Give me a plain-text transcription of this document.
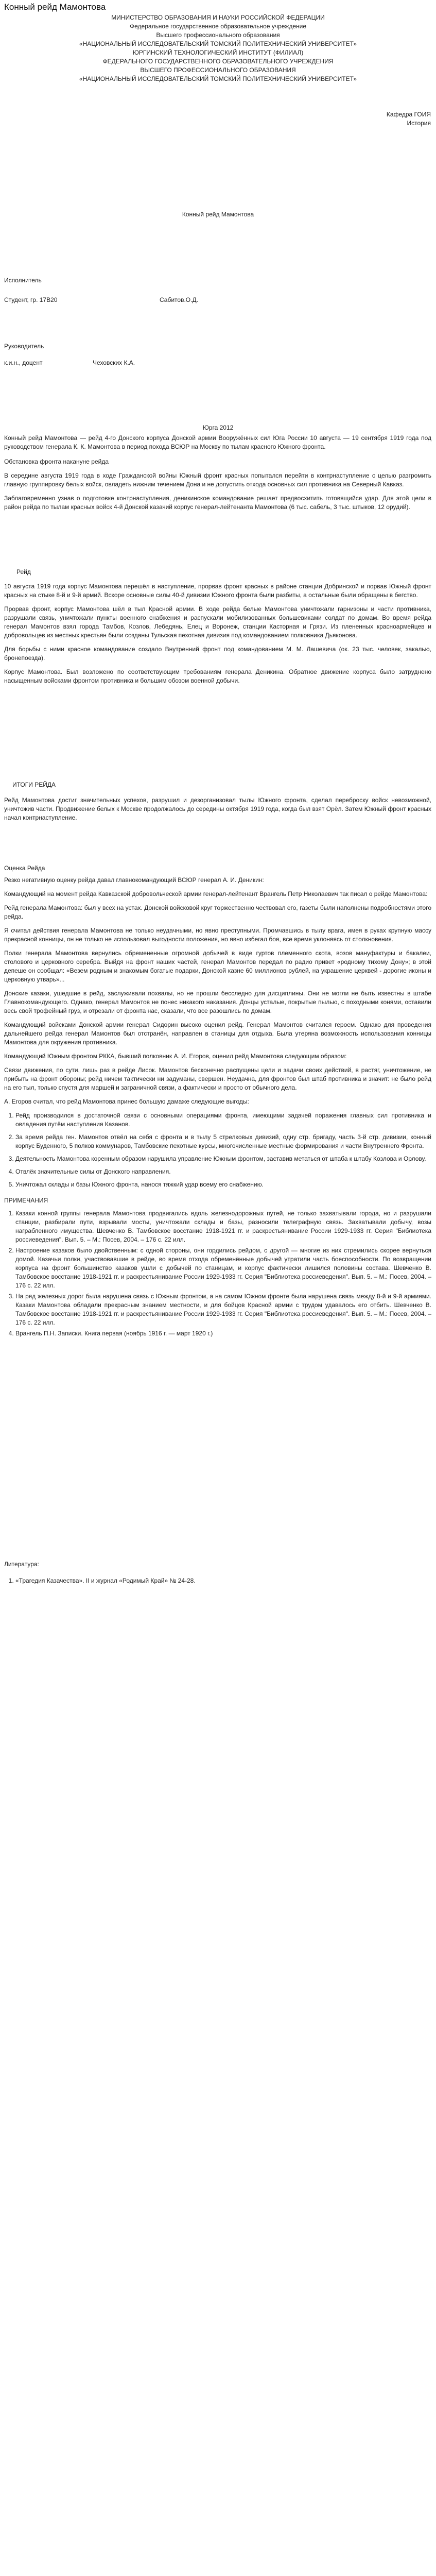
Конный рейд Мамонтова
МИНИСТЕРСТВО ОБРАЗОВАНИЯ И НАУКИ РОССИЙСКОЙ ФЕДЕРАЦИИ
Федеральное государственное образовательное учреждение
Высшего профессионального образования
«НАЦИОНАЛЬНЫЙ ИССЛЕДОВАТЕЛЬСКИЙ ТОМСКИЙ ПОЛИТЕХНИЧЕСКИЙ УНИВЕРСИТЕТ»
ЮРГИНСКИЙ ТЕХНОЛОГИЧЕСКИЙ ИНСТИТУТ (ФИЛИАЛ)
ФЕДЕРАЛЬНОГО ГОСУДАРСТВЕННОГО ОБРАЗОВАТЕЛЬНОГО УЧРЕЖДЕНИЯ
ВЫСШЕГО ПРОФЕССИОНАЛЬНОГО ОБРАЗОВАНИЯ
«НАЦИОНАЛЬНЫЙ ИССЛЕДОВАТЕЛЬСКИЙ ТОМСКИЙ ПОЛИТЕХНИЧЕСКИЙ УНИВЕРСИТЕТ»
Кафедра ГОИЯ
История
Конный рейд Мамонтова
Исполнитель
Студент, гр. 17В20	Сабитов.О.Д.
Руководитель
к.и.н., доцент	Чеховских К.А.
Юрга 2012

Конный рейд Мамонтова — рейд 4-го Донского корпуса Донской армии Вооружённых сил Юга России 10 августа — 19 сентября 1919 года под руководством генерала К. К. Мамонтова в период похода ВСЮР на Москву по тылам красного Южного фронта.

Обстановка фронта накануне рейда

В середине августа 1919 года в ходе Гражданской войны Южный фронт красных попытался перейти в контрнаступление с целью разгромить главную группировку белых войск, овладеть нижним течением Дона и не допустить отхода основных сил противника на Северный Кавказ.

Заблаговременно узнав о подготовке контрнаступления, деникинское командование решает предвосхитить готовящийся удар. Для этой цели в район рейда по тылам красных войск 4-й Донской казачий корпус генерал-лейтенанта Мамонтова (6 тыс. сабель, 3 тыс. штыков, 12 орудий).

Рейд

10 августа 1919 года корпус Мамонтова перешёл в наступление, прорвав фронт красных в районе станции Добринской и порвав Южный фронт красных на стыке 8-й и 9-й армий. Вскоре основные силы 40-й дивизии Южного фронта были разбиты, а остальные были обращены в бегство.

Прорвав фронт, корпус Мамонтова шёл в тыл Красной армии. В ходе рейда белые Мамонтова уничтожали гарнизоны и части противника, разрушали связь, уничтожали пункты военного снабжения и распускали мобилизованных большевиками солдат по домам. Во время рейда генерал Мамонтов взял города Тамбов, Козлов, Лебедянь, Елец и Воронеж, станции Касторная и Грязи. Из плененных красноармейцев и добровольцев из местных крестьян были созданы Тульская пехотная дивизия под командованием полковника Дьяконова.

Для борьбы с ними красное командование создало Внутренний фронт под командованием М. М. Лашевича (ок. 23 тыс. человек, закалью, бронепоезда).

Корпус Мамонтова. Был возложенo по соответствующим требованиям генерала Деникина. Обратное движение корпуса было затруднено насыщенным войсками фронтом противника и большим обозом военной добычи.

ИТОГИ РЕЙДА

Рейд Мамонтова достиг значительных успехов, разрушил и дезорганизовал тылы Южного фронта, сделал переброску войск невозможной, уничтожив части. Продвижение белых к Москве продолжалось до середины октября 1919 года, когда был взят Орёл. Затем Южный фронт красных начал контрнаступление.

Оценка Рейда

Резко негативную оценку рейда давал главнокомандующий ВСЮР генерал А. И. Деникин:

Командующий на момент рейда Кавказской добровольческой армии генерал-лейтенант Врангель Петр Николаевич так писал о рейде Мамонтова:

Рейд генерала Мамонтова: был у всех на устах. Донской войсковой круг торжественно чествовал его, газеты были наполнены подробностями этого рейда.

Я считал действия генерала Мамонтова не только неудачными, но явно преступными. Промчавшись в тылу врага, имея в руках крупную массу прекрасной конницы, он не только не использовал выгодности положения, но явно избегал боя, все время уклоняясь от столкновения.

Полки генерала Мамонтова вернулись обремененные огромной добычей в виде гуртов племенного скота, возов мануфактуры и бакалеи, столового и церковного серебра. Выйдя на фронт наших частей, генерал Мамонтов передал по радио привет «родному тихому Дону»; в этой депеше он сообщал: «Везем родным и знакомым богатые подарки, Донской казне 60 миллионов рублей, на украшение церквей - дорогие иконы и церковную утварь»...

Донские казаки, ушедшие в рейд, заслуживали похвалы, но не прошли бесследно для дисциплины. Они не могли не быть известны в штабе Главнокомандующего. Однако, генерал Мамонтов не понес никакого наказания. Донцы усталые, покрытые пылью, с походными конями, оставили весь свой трофейный груз, и отрезали от фронта нас, сказали, что все разошлись по домам.

Командующий войсками Донской армии генерал Сидорин высоко оценил рейд. Генерал Мамонтов считался героем. Однако для проведения дальнейшего рейда генерал Мамонтов был отстранён, направлен в станицы для отдыха. Была утеряна возможность использования конницы Мамонтова для окружения противника.

Командующий Южным фронтом РККА, бывший полковник А. И. Егоров, оценил рейд Мамонтова следующим образом:

Связи движения, по сути, лишь раз в рейде Лисок. Мамонтов бесконечно распущены цели и задачи своих действий, в растяг, уничтожение, не прибыть на фронт обороны; рейд ничем тактически ни задуманы, свершен. Неудачна, для фронтов был штаб противника и значит: не было рейд на его тыл, только спустя для маршей и заграничной связи, а фактически и просто от обычного дела.

А. Егоров считал, что рейд Мамонтова принес большую дамаже следующие выгоды:

1. Рейд производился в достаточной связи с основными операциями фронта, имеющими задачей поражения главных сил противника и овладения путём наступления Казанов.
2. За время рейда ген. Мамонтов отвёл на себя с фронта и в тылу 5 стрелковых дивизий, одну стр. бригаду, часть 3-й стр. дивизии, конный корпус Буденного, 5 полков коммунаров, Тамбовские пехотные курсы, многочисленные местные формирования и части Внутреннего Фронта.
3. Деятельность Мамонтова коренным образом нарушила управление Южным фронтом, заставив метаться от штаба к штабу Козлова и Орлову.
4. Отвлёк значительные силы от Донского направления.
5. Уничтожал склады и базы Южного фронта, нанося тяжкий удар всему его снабжению.
ПРИМЕЧАНИЯ
1. Казаки конной группы генерала Мамонтова продвигались вдоль железнодорожных путей, не только захватывали города, но и разрушали станции, разбирали пути, взрывали мосты, уничтожали склады и базы, разносили телеграфную связь. Захватывали добычу, возы награбленного имущества. Шевченко В. Тамбовское восстание 1918-1921 гг. и раскрестьянивание России 1929-1933 гг. Серия "Библиотека россиеведения". Вып. 5. – М.: Посев, 2004. – 176 с. 22 илл.
2. Настроение казаков было двойственным: с одной стороны, они гордились рейдом, с другой — многие из них стремились скорее вернуться домой. Казачьи полки, участвовавшие в рейде, во время отхода обременённые добычей утратили часть боеспособности. По возвращении корпуса на фронт большинство казаков ушли с добычей по станицам, и корпус фактически лишился половины состава. Шевченко В. Тамбовское восстание 1918-1921 гг. и раскрестьянивание России 1929-1933 гг. Серия "Библиотека россиеведения". Вып. 5. – М.: Посев, 2004. – 176 с. 22 илл.
3. На ряд железных дорог была нарушена связь с Южным фронтом, а на самом Южном фронте была нарушена связь между 8-й и 9-й армиями. Казаки Мамонтова обладали прекрасным знанием местности, и для бойцов Красной армии с трудом удавалось его отбить. Шевченко В. Тамбовское восстание 1918-1921 гг. и раскрестьянивание России 1929-1933 гг. Серия "Библиотека россиеведения". Вып. 5. – М.: Посев, 2004. – 176 с. 22 илл.
4. Врангель П.Н. Записки. Книга первая (ноябрь 1916 г. — март 1920 г.)
Литература:
1. «Трагедия Казачества». II и журнал «Родимый Край» № 24-28.
